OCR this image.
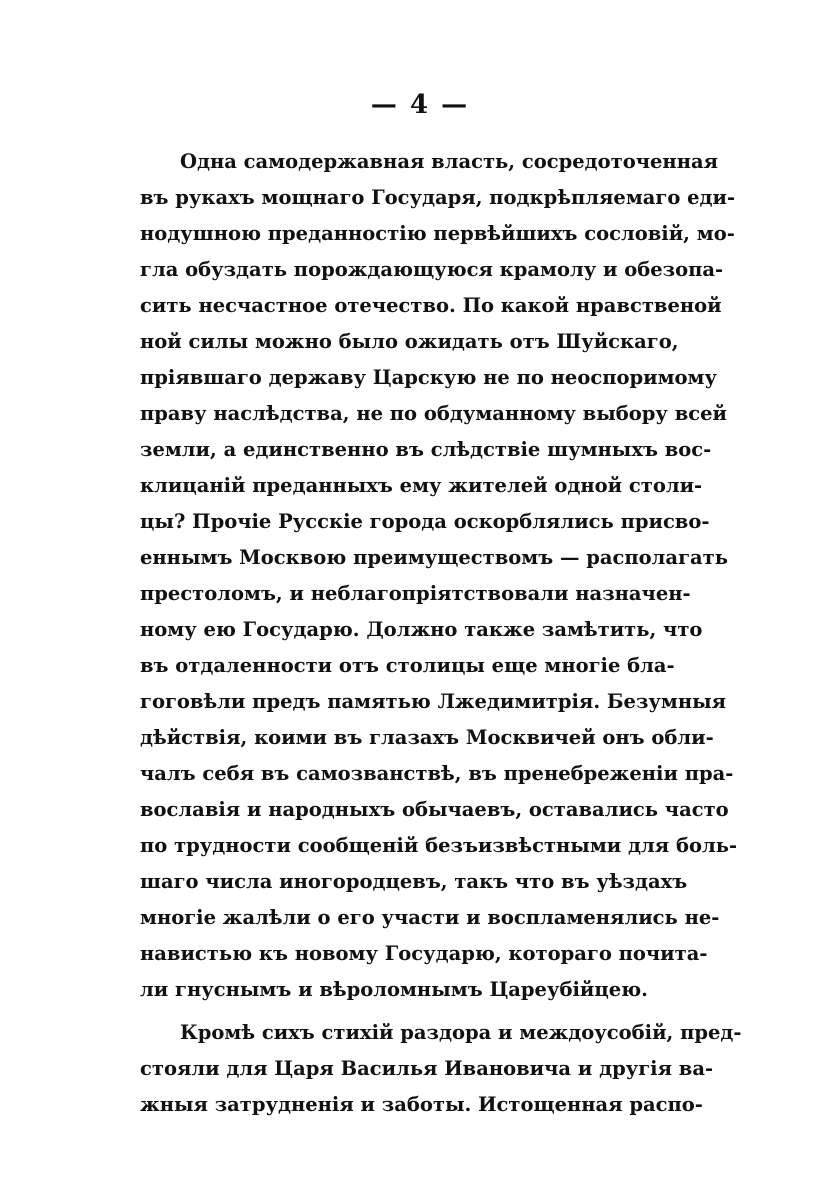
— 4 —
Одна самодержавная власть, сосредоточенная
въ рукахъ мощнаго Государя, подкрѣпляемаго еди-
нодушною преданностiю первѣйшихъ сословiй, мо-
гла обуздать порождающуюся крамолу и обезопа-
сить несчастное отечество. По какой нравственой
ной силы можно было ожидать отъ Шуйскаго,
прiявшаго державу Царскую не по неоспоримому
праву наслѣдства, не по обдуманному выбору всей
земли, а единственно въ слѣдствiе шумныхъ вос-
клицанiй преданныхъ ему жителей одной столи-
цы? Прочiе Русскiе города оскорблялись присво-
еннымъ Москвою преимуществомъ — располагать
престоломъ, и неблагопрiятствовали назначен-
ному ею Государю. Должно также замѣтить, что
въ отдаленности отъ столицы еще многiе бла-
гоговѣли предъ памятью Лжедимитрiя. Безумныя
дѣйствiя, коими въ глазахъ Москвичей онъ обли-
чалъ себя въ самозванствѣ, въ пренебреженiи пра-
вославiя и народныхъ обычаевъ, оставались часто
по трудности сообщенiй безъизвѣстными для боль-
шаго числа иногородцевъ, такъ что въ уѣздахъ
многiе жалѣли о его участи и воспламенялись не-
навистью къ новому Государю, котораго почита-
ли гнуснымъ и вѣроломнымъ Цареубiйцею.
Кромѣ сихъ стихiй раздора и междоусобiй, пред-
стояли для Царя Василья Ивановича и другiя ва-
жныя затрудненiя и заботы. Истощенная распо-
